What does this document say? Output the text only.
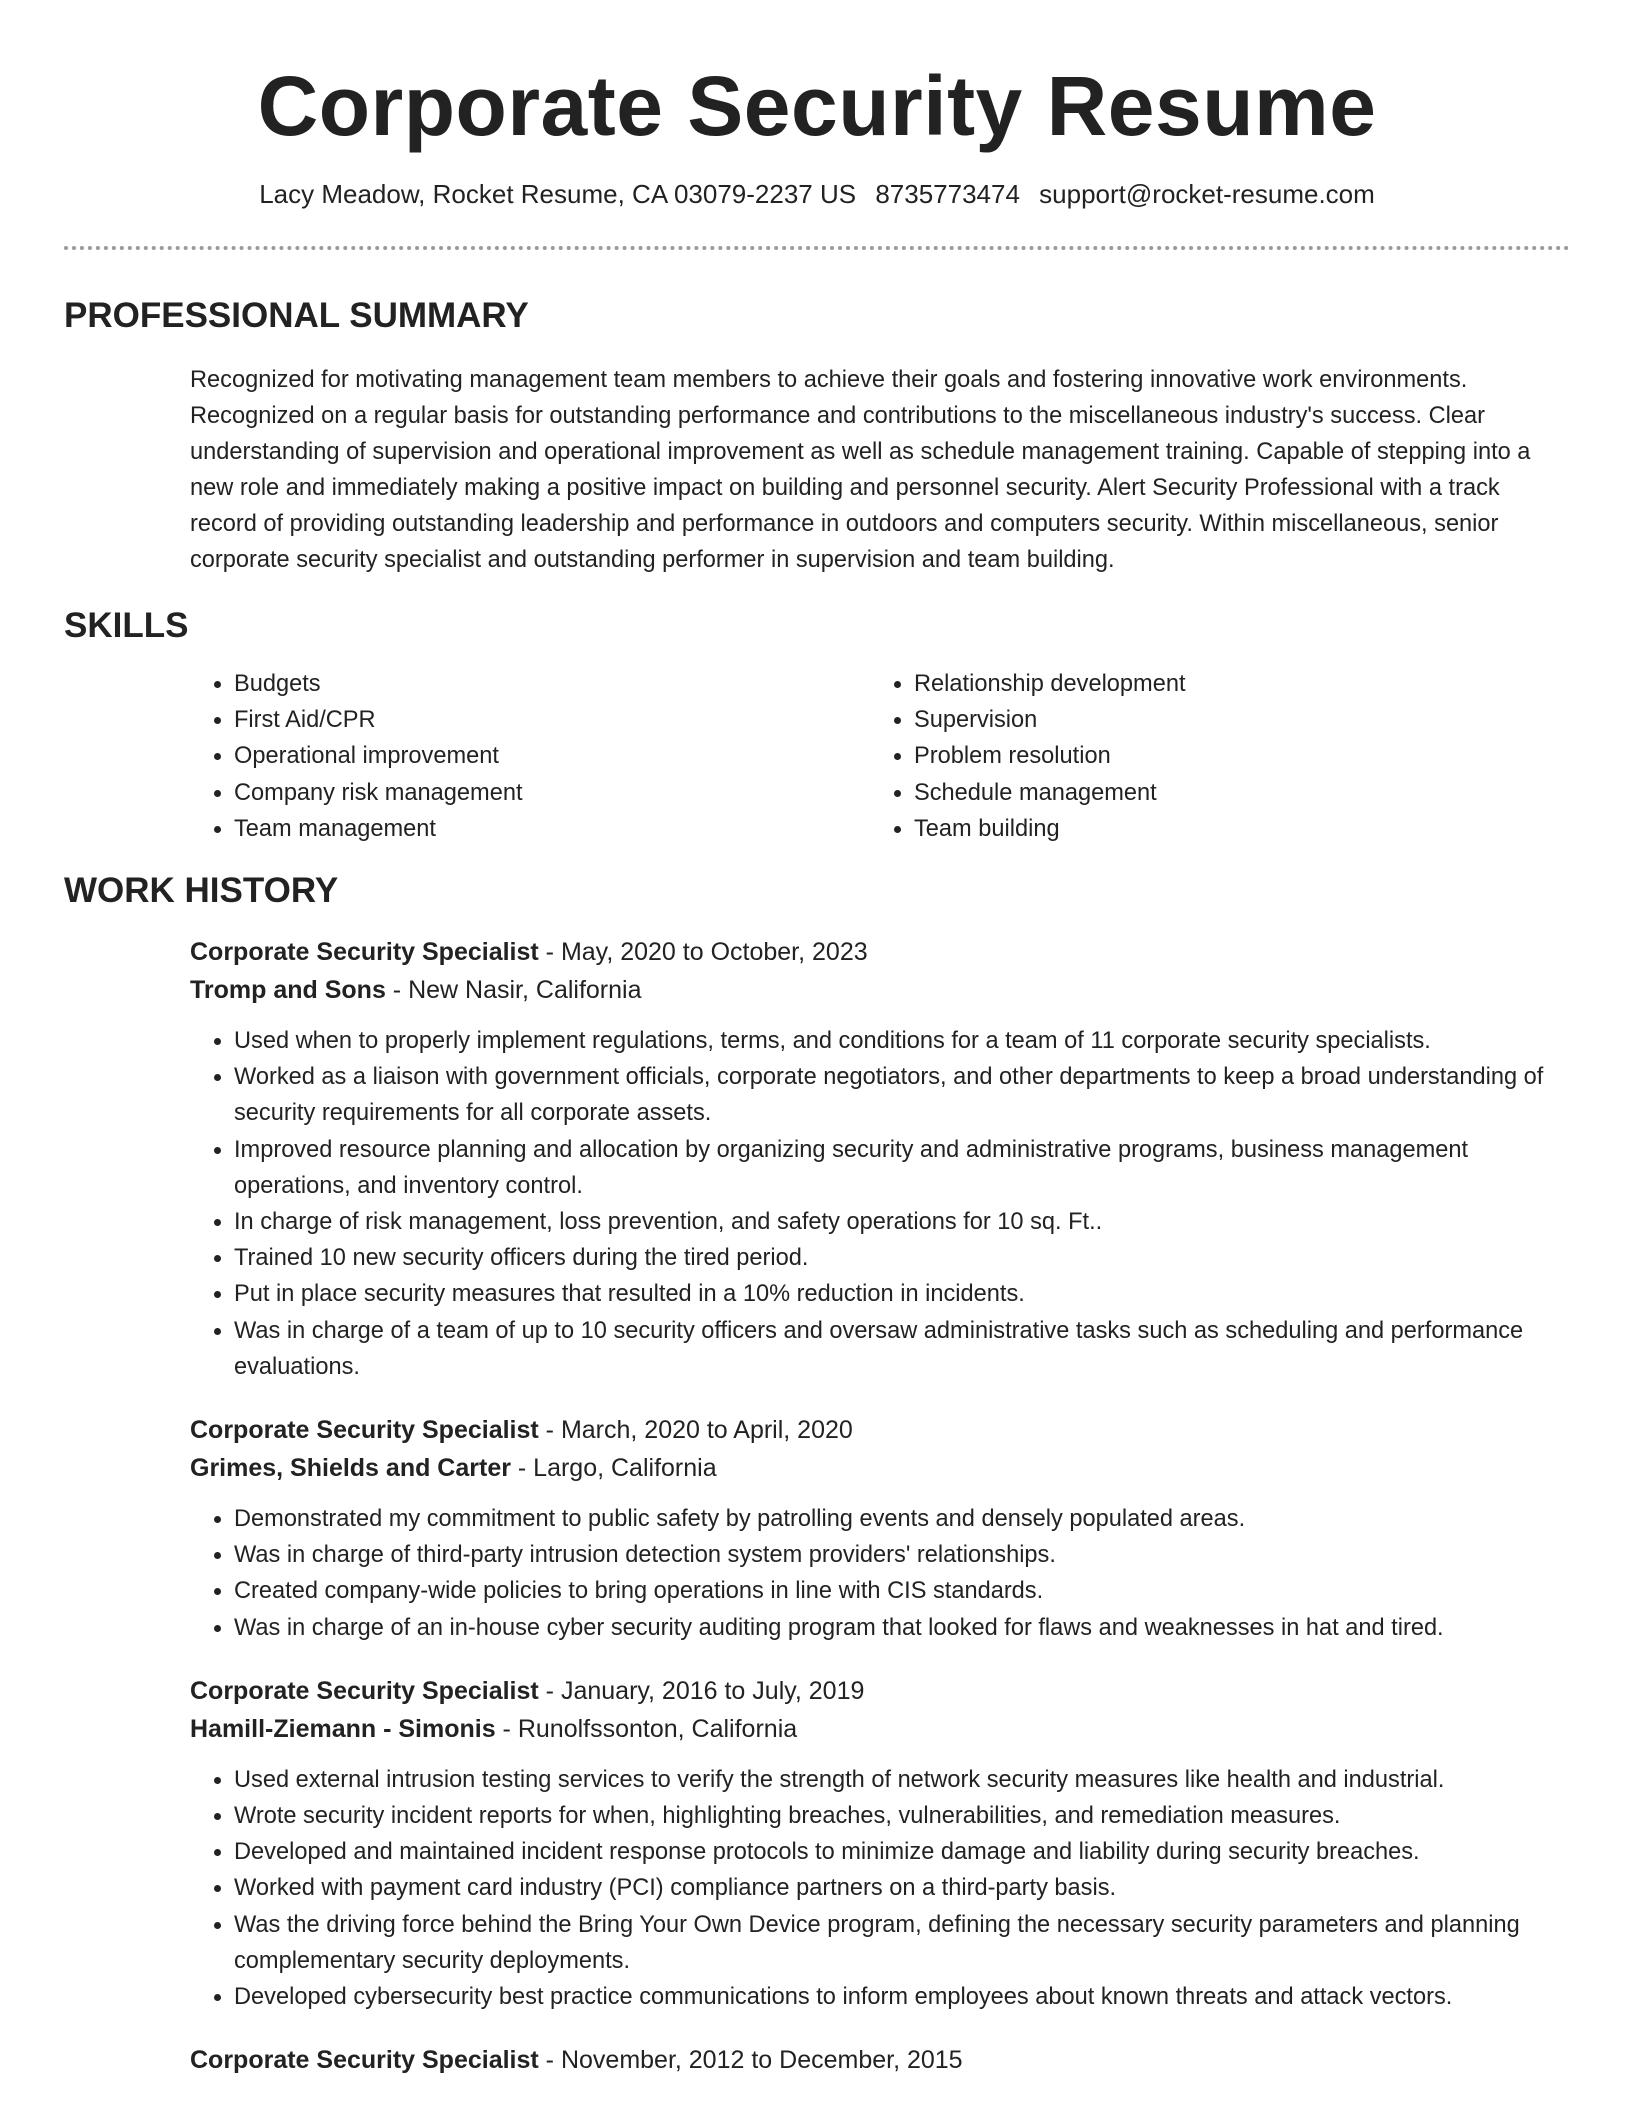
Corporate Security Resume
Lacy Meadow, Rocket Resume, CA 03079-2237 US 8735773474 support@rocket-resume.com
PROFESSIONAL SUMMARY
Recognized for motivating management team members to achieve their goals and fostering innovative work environments. Recognized on a regular basis for outstanding performance and contributions to the miscellaneous industry's success. Clear understanding of supervision and operational improvement as well as schedule management training. Capable of stepping into a new role and immediately making a positive impact on building and personnel security. Alert Security Professional with a track record of providing outstanding leadership and performance in outdoors and computers security. Within miscellaneous, senior corporate security specialist and outstanding performer in supervision and team building.
SKILLS
• Budgets
• First Aid/CPR
• Operational improvement
• Company risk management
• Team management
• Relationship development
• Supervision
• Problem resolution
• Schedule management
• Team building
WORK HISTORY
Corporate Security Specialist - May, 2020 to October, 2023
Tromp and Sons - New Nasir, California
• Used when to properly implement regulations, terms, and conditions for a team of 11 corporate security specialists.
• Worked as a liaison with government officials, corporate negotiators, and other departments to keep a broad understanding of security requirements for all corporate assets.
• Improved resource planning and allocation by organizing security and administrative programs, business management operations, and inventory control.
• In charge of risk management, loss prevention, and safety operations for 10 sq. Ft..
• Trained 10 new security officers during the tired period.
• Put in place security measures that resulted in a 10% reduction in incidents.
• Was in charge of a team of up to 10 security officers and oversaw administrative tasks such as scheduling and performance evaluations.
Corporate Security Specialist - March, 2020 to April, 2020
Grimes, Shields and Carter - Largo, California
• Demonstrated my commitment to public safety by patrolling events and densely populated areas.
• Was in charge of third-party intrusion detection system providers' relationships.
• Created company-wide policies to bring operations in line with CIS standards.
• Was in charge of an in-house cyber security auditing program that looked for flaws and weaknesses in hat and tired.
Corporate Security Specialist - January, 2016 to July, 2019
Hamill-Ziemann - Simonis - Runolfssonton, California
• Used external intrusion testing services to verify the strength of network security measures like health and industrial.
• Wrote security incident reports for when, highlighting breaches, vulnerabilities, and remediation measures.
• Developed and maintained incident response protocols to minimize damage and liability during security breaches.
• Worked with payment card industry (PCI) compliance partners on a third-party basis.
• Was the driving force behind the Bring Your Own Device program, defining the necessary security parameters and planning complementary security deployments.
• Developed cybersecurity best practice communications to inform employees about known threats and attack vectors.
Corporate Security Specialist - November, 2012 to December, 2015
